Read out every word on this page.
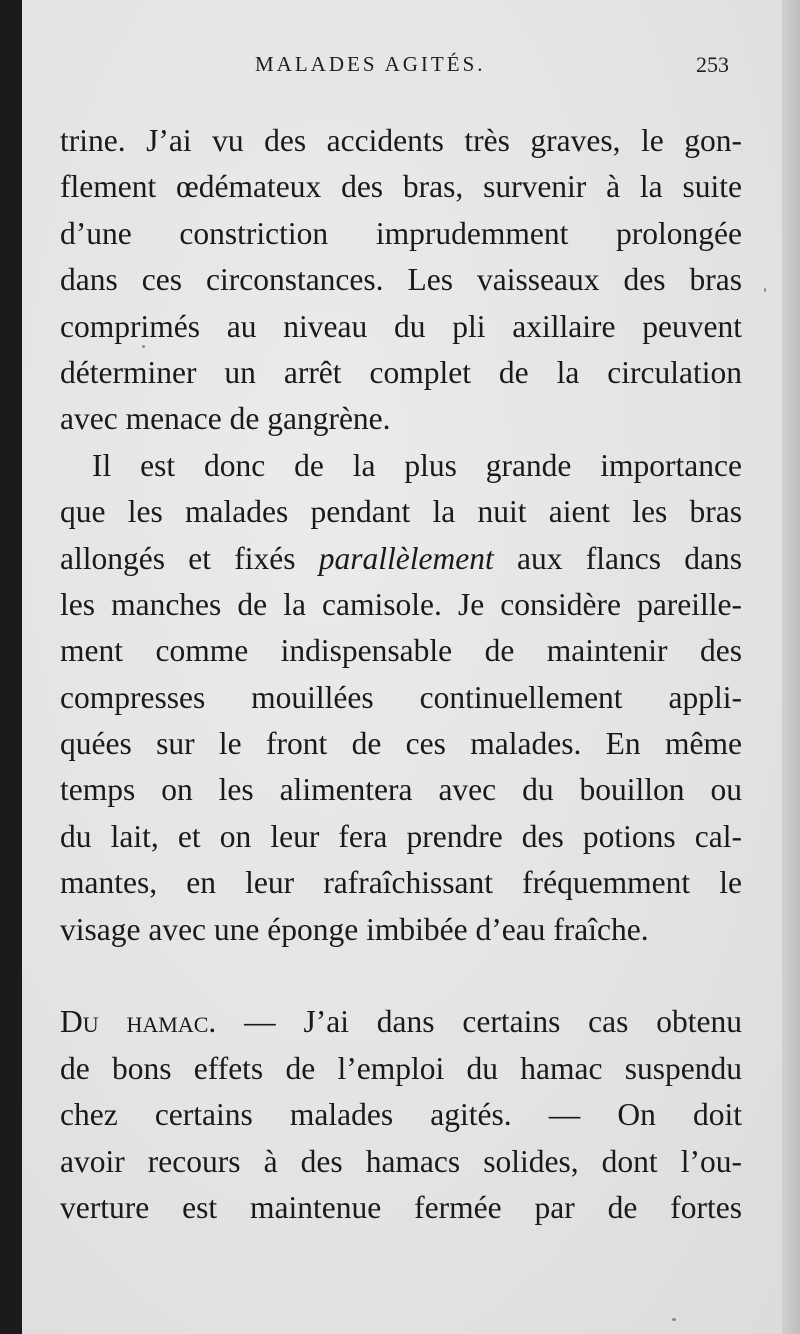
MALADES AGITÉS.	253
trine. J’ai vu des accidents très graves, le gon-
flement œdémateux des bras, survenir à la suite
d’une constriction imprudemment prolongée
dans ces circonstances. Les vaisseaux des bras
comprimés au niveau du pli axillaire peuvent
déterminer un arrêt complet de la circulation
avec menace de gangrène.
Il est donc de la plus grande importance
que les malades pendant la nuit aient les bras
allongés et fixés parallèlement aux flancs dans
les manches de la camisole. Je considère pareille-
ment comme indispensable de maintenir des
compresses mouillées continuellement appli-
quées sur le front de ces malades. En même
temps on les alimentera avec du bouillon ou
du lait, et on leur fera prendre des potions cal-
mantes, en leur rafraîchissant fréquemment le
visage avec une éponge imbibée d’eau fraîche.
Du hamac. — J’ai dans certains cas obtenu
de bons effets de l’emploi du hamac suspendu
chez certains malades agités. — On doit
avoir recours à des hamacs solides, dont l’ou-
verture est maintenue fermée par de fortes
